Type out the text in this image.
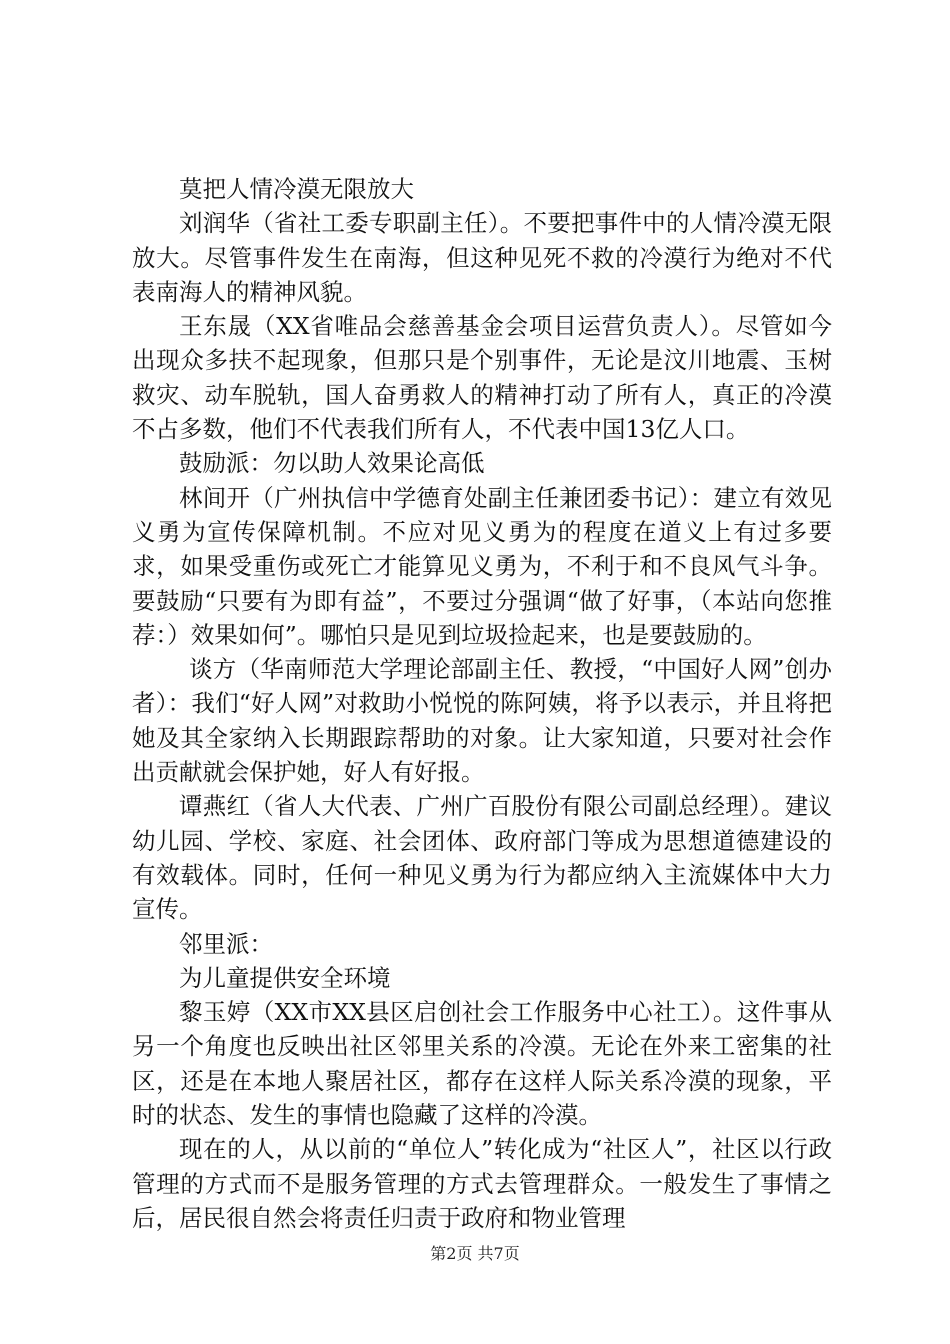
莫把人情冷漠无限放大

刘润华（省社工委专职副主任）。不要把事件中的人情冷漠无限放大。尽管事件发生在南海，但这种见死不救的冷漠行为绝对不代表南海人的精神风貌。

王东晟（XX省唯品会慈善基金会项目运营负责人）。尽管如今出现众多扶不起现象，但那只是个别事件，无论是汶川地震、玉树救灾、动车脱轨，国人奋勇救人的精神打动了所有人，真正的冷漠不占多数，他们不代表我们所有人，不代表中国13亿人口。

鼓励派：勿以助人效果论高低

林间开（广州执信中学德育处副主任兼团委书记）：建立有效见义勇为宣传保障机制。不应对见义勇为的程度在道义上有过多要求，如果受重伤或死亡才能算见义勇为，不利于和不良风气斗争。要鼓励“只要有为即有益”，不要过分强调“做了好事，（本站向您推荐：）效果如何”。哪怕只是见到垃圾捡起来，也是要鼓励的。

谈方（华南师范大学理论部副主任、教授，“中国好人网”创办者）：我们“好人网”对救助小悦悦的陈阿姨，将予以表示，并且将把她及其全家纳入长期跟踪帮助的对象。让大家知道，只要对社会作出贡献就会保护她，好人有好报。

谭燕红（省人大代表、广州广百股份有限公司副总经理）。建议幼儿园、学校、家庭、社会团体、政府部门等成为思想道德建设的有效载体。同时，任何一种见义勇为行为都应纳入主流媒体中大力宣传。

邻里派：

为儿童提供安全环境

黎玉婷（XX市XX县区启创社会工作服务中心社工）。这件事从另一个角度也反映出社区邻里关系的冷漠。无论在外来工密集的社区，还是在本地人聚居社区，都存在这样人际关系冷漠的现象，平时的状态、发生的事情也隐藏了这样的冷漠。

现在的人，从以前的“单位人”转化成为“社区人”，社区以行政管理的方式而不是服务管理的方式去管理群众。一般发生了事情之后，居民很自然会将责任归责于政府和物业管理

第2页 共7页
